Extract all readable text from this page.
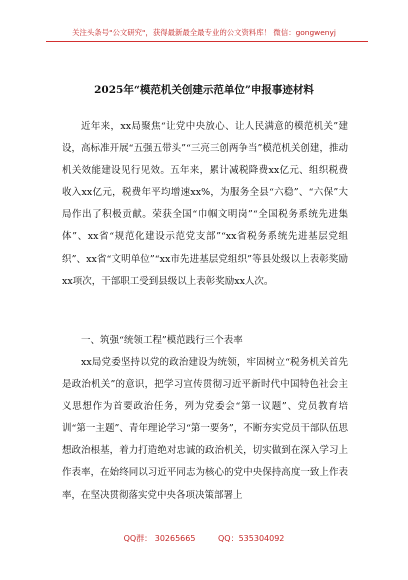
关注头条号"公文研究"，获得最新最全最专业的公文资料库！ 微信：gongwenyj
2025年“模范机关创建示范单位”申报事迹材料

近年来，xx局聚焦“让党中央放心、让人民满意的模范机关”建设，高标准开展“五强五带头”“三亮三创两争当”模范机关创建，推动机关效能建设见行见效。五年来，累计减税降费xx亿元、组织税费收入xx亿元，税费年平均增速xx%，为服务全县“六稳”、“六保”大局作出了积极贡献。荣获全国“巾帼文明岗”“全国税务系统先进集体”、xx省“规范化建设示范党支部”“xx省税务系统先进基层党组织”、xx省“文明单位”“xx市先进基层党组织”等县处级以上表彰奖励xx项次，干部职工受到县级以上表彰奖励xx人次。

一、筑强“统领工程”模范践行三个表率

xx局党委坚持以党的政治建设为统领，牢固树立“税务机关首先是政治机关”的意识，把学习宣传贯彻习近平新时代中国特色社会主义思想作为首要政治任务，列为党委会“第一议题”、党员教育培训“第一主题”、青年理论学习“第一要务”，不断夯实党员干部队伍思想政治根基，着力打造绝对忠诚的政治机关，切实做到在深入学习上作表率，在始终同以习近平同志为核心的党中央保持高度一致上作表率，在坚决贯彻落实党中央各项决策部署上

QQ群： 30265665	QQ：535304092
